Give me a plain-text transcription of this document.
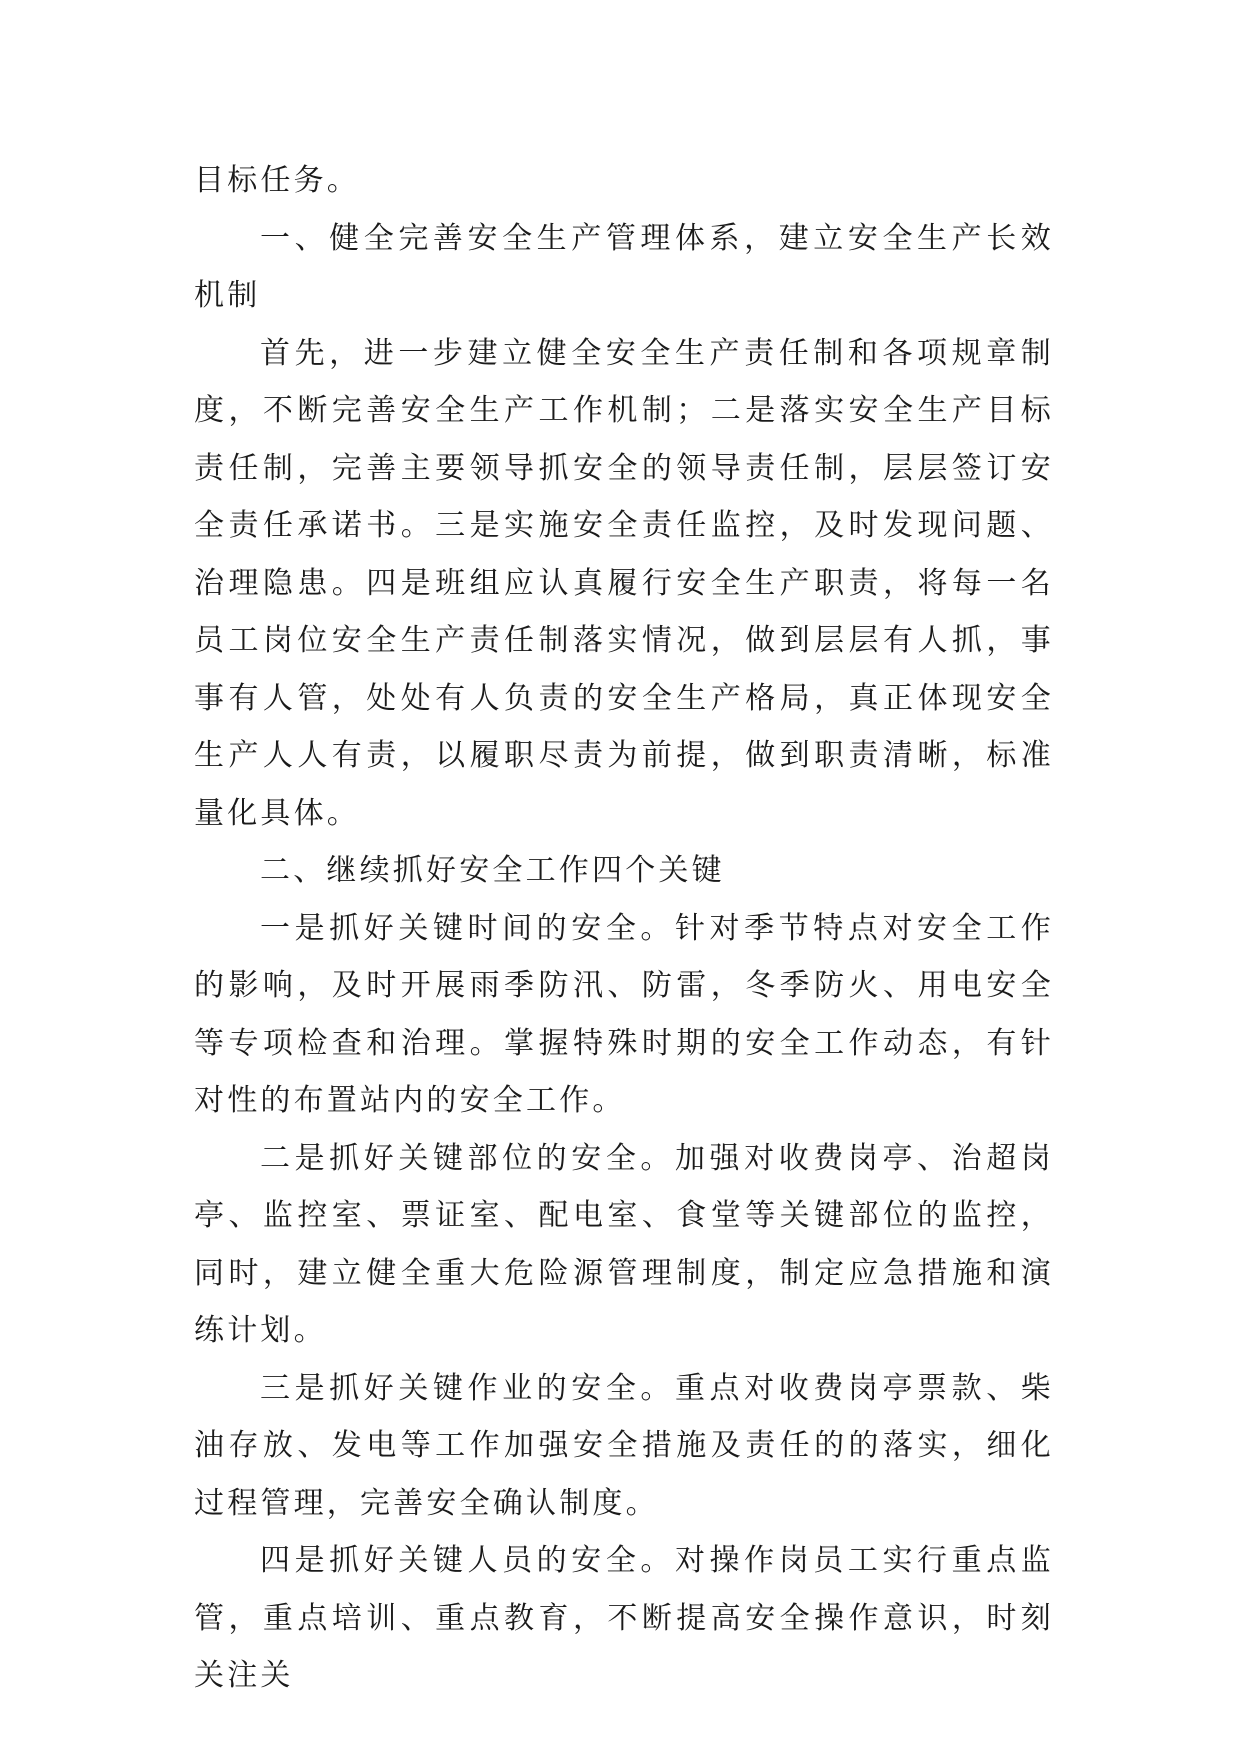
目标任务。

一、健全完善安全生产管理体系，建立安全生产长效机制

首先，进一步建立健全安全生产责任制和各项规章制度，不断完善安全生产工作机制；二是落实安全生产目标责任制，完善主要领导抓安全的领导责任制，层层签订安全责任承诺书。三是实施安全责任监控，及时发现问题、治理隐患。四是班组应认真履行安全生产职责，将每一名员工岗位安全生产责任制落实情况，做到层层有人抓，事事有人管，处处有人负责的安全生产格局，真正体现安全生产人人有责，以履职尽责为前提，做到职责清晰，标准量化具体。

二、继续抓好安全工作四个关键

一是抓好关键时间的安全。针对季节特点对安全工作的影响，及时开展雨季防汛、防雷，冬季防火、用电安全等专项检查和治理。掌握特殊时期的安全工作动态，有针对性的布置站内的安全工作。

二是抓好关键部位的安全。加强对收费岗亭、治超岗亭、监控室、票证室、配电室、食堂等关键部位的监控，同时，建立健全重大危险源管理制度，制定应急措施和演练计划。

三是抓好关键作业的安全。重点对收费岗亭票款、柴油存放、发电等工作加强安全措施及责任的的落实，细化过程管理，完善安全确认制度。

四是抓好关键人员的安全。对操作岗员工实行重点监管，重点培训、重点教育，不断提高安全操作意识，时刻关注关
